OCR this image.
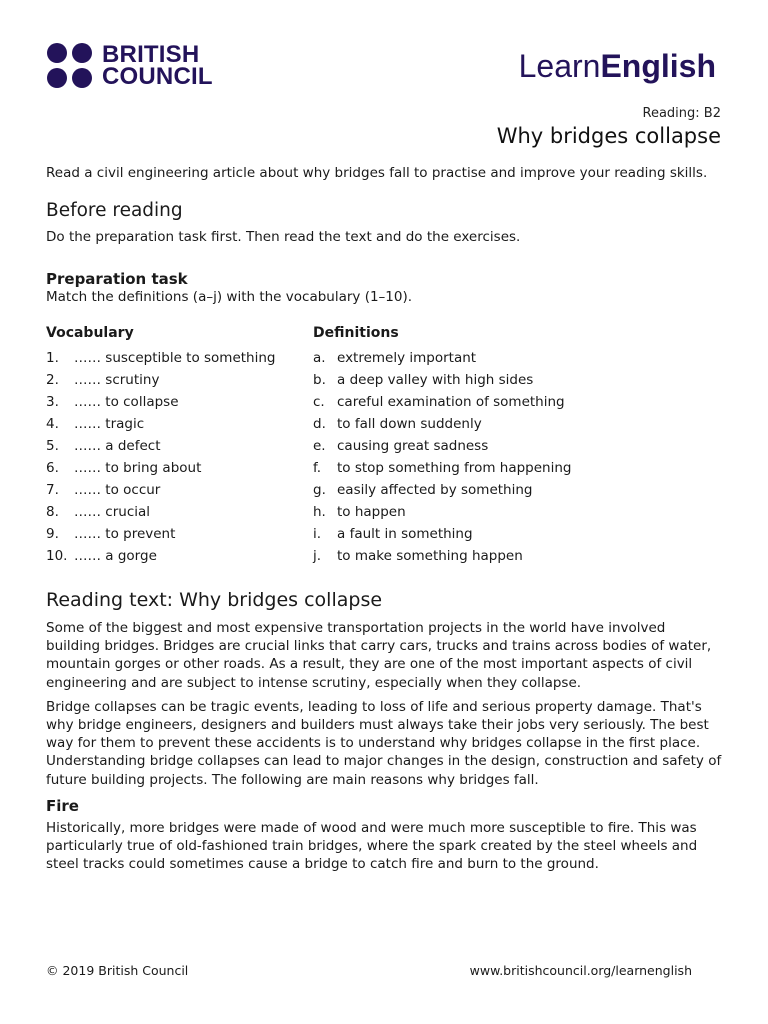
BRITISH
COUNCIL	LearnEnglish
Reading: B2
Why bridges collapse

Read a civil engineering article about why bridges fall to practise and improve your reading skills.

Before reading

Do the preparation task first. Then read the text and do the exercises.

Preparation task

Match the definitions (a–j) with the vocabulary (1–10).

Vocabulary
1.	…… susceptible to something
2.	…… scrutiny
3.	…… to collapse
4.	…… tragic
5.	…… a defect
6.	…… to bring about
7.	…… to occur
8.	…… crucial
9.	…… to prevent
10. …… a gorge
Definitions
a. extremely important
b. a deep valley with high sides
c. careful examination of something
d. to fall down suddenly
e. causing great sadness
f.	to stop something from happening
g. easily affected by something
h. to happen
i.	a fault in something
j.	to make something happen
Reading text: Why bridges collapse

Some of the biggest and most expensive transportation projects in the world have involved building bridges. Bridges are crucial links that carry cars, trucks and trains across bodies of water, mountain gorges or other roads. As a result, they are one of the most important aspects of civil engineering and are subject to intense scrutiny, especially when they collapse.

Bridge collapses can be tragic events, leading to loss of life and serious property damage. That's why bridge engineers, designers and builders must always take their jobs very seriously. The best way for them to prevent these accidents is to understand why bridges collapse in the first place. Understanding bridge collapses can lead to major changes in the design, construction and safety of future building projects. The following are main reasons why bridges fall.

Fire

Historically, more bridges were made of wood and were much more susceptible to fire. This was particularly true of old-fashioned train bridges, where the spark created by the steel wheels and steel tracks could sometimes cause a bridge to catch fire and burn to the ground.

© 2019 British Council	www.britishcouncil.org/learnenglish
